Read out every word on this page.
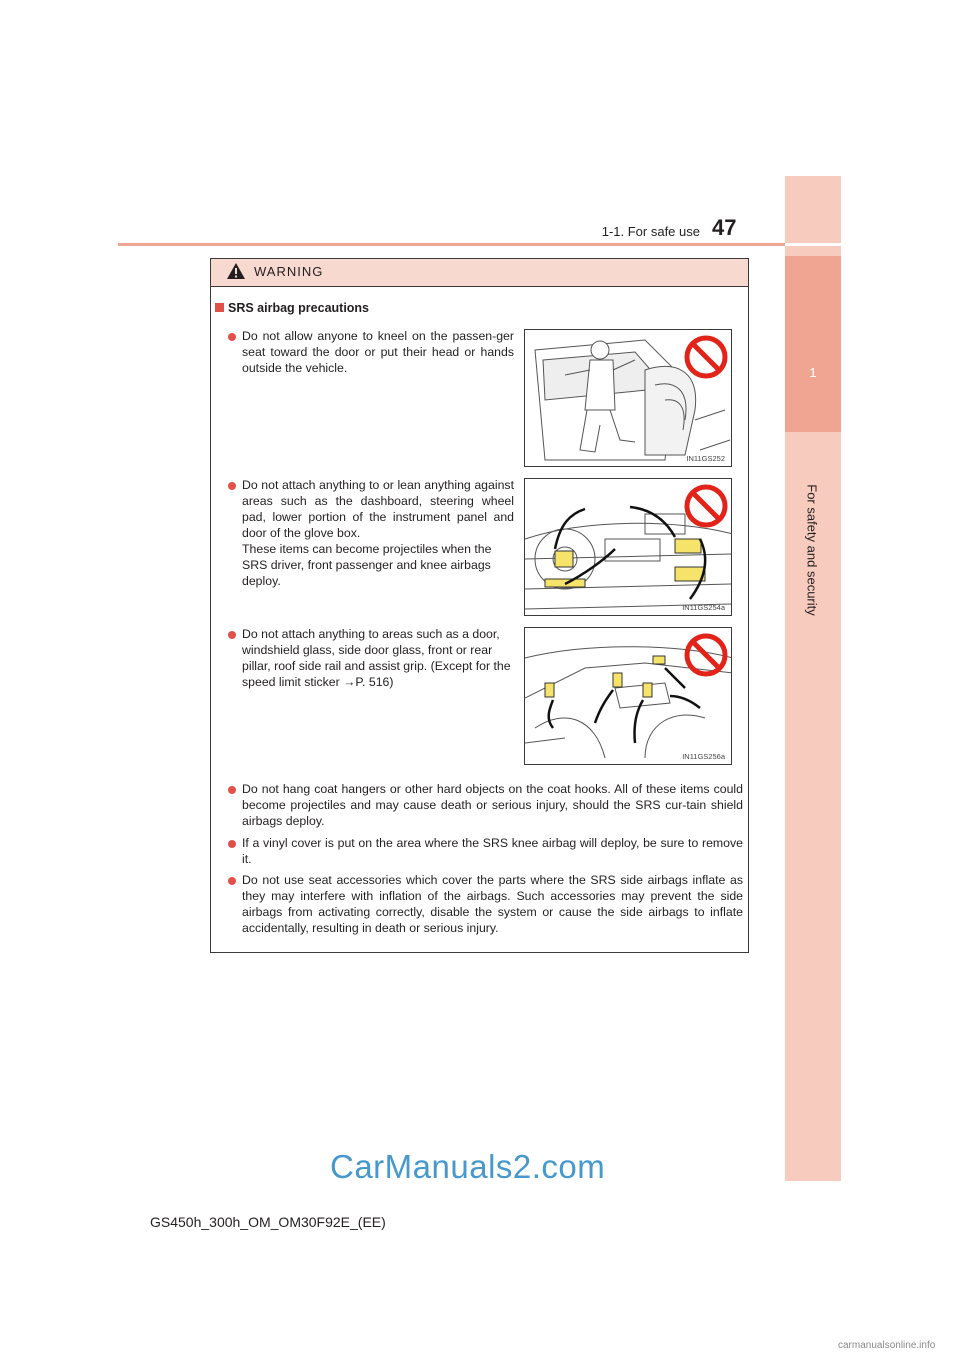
1
For safety and security
1-1. For safe use 47
WARNING
SRS airbag precautions

Do not allow anyone to kneel on the passen-ger seat toward the door or put their head or hands outside the vehicle.

IN11GS252

Do not attach anything to or lean anything against areas such as the dashboard, steering wheel pad, lower portion of the instrument panel and door of the glove box.

These items can become projectiles when the SRS driver, front passenger and knee airbags deploy.

IN11GS254a

Do not attach anything to areas such as a door, windshield glass, side door glass, front or rear pillar, roof side rail and assist grip. (Except for the speed limit sticker →P. 516)

IN11GS256a

Do not hang coat hangers or other hard objects on the coat hooks. All of these items could become projectiles and may cause death or serious injury, should the SRS cur-tain shield airbags deploy.

If a vinyl cover is put on the area where the SRS knee airbag will deploy, be sure to remove it.

Do not use seat accessories which cover the parts where the SRS side airbags inflate as they may interfere with inflation of the airbags. Such accessories may prevent the side airbags from activating correctly, disable the system or cause the side airbags to inflate accidentally, resulting in death or serious injury.

CarManuals2.com
GS450h_300h_OM_OM30F92E_(EE)
carmanualsonline.info
